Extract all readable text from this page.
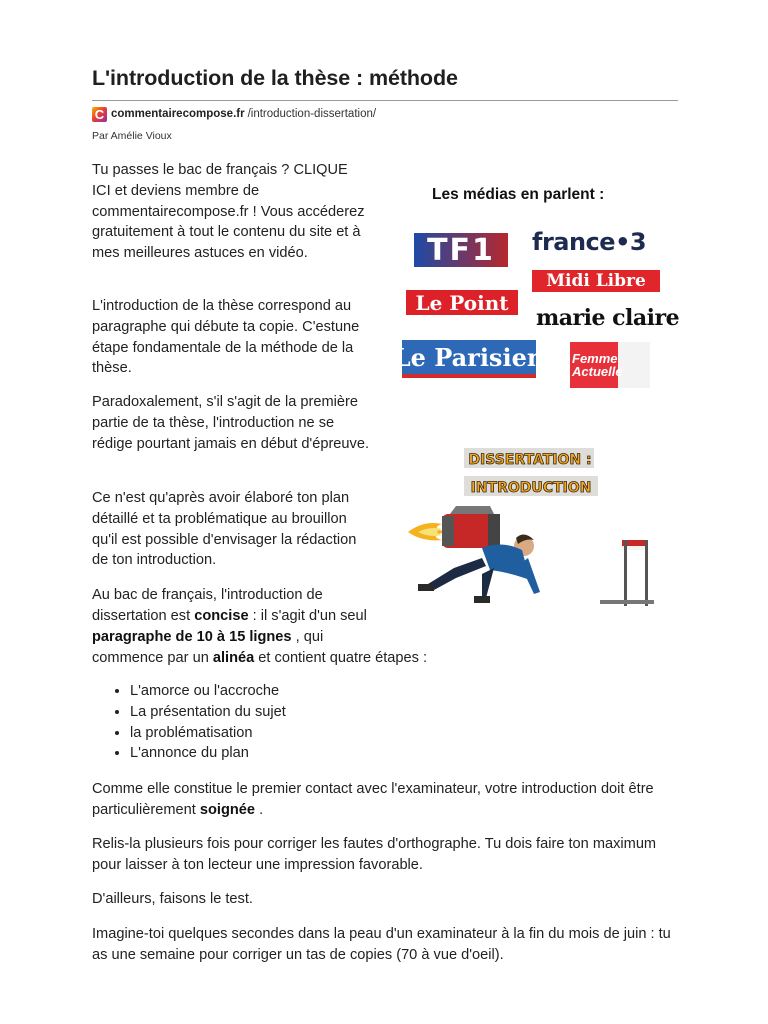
L'introduction de la thèse : méthode
C commentairecompose.fr /introduction-dissertation/
Par Amélie Vioux

Tu passes le bac de français ? CLIQUE ICI et deviens membre de commentairecompose.fr ! Vous accéderez gratuitement à tout le contenu du site et à mes meilleures astuces en vidéo.

L'introduction de la thèse correspond au paragraphe qui débute ta copie. C'estune étape fondamentale de la méthode de la thèse.

Paradoxalement, s'il s'agit de la première partie de ta thèse, l'introduction ne se rédige pourtant jamais en début d'épreuve.

Ce n'est qu'après avoir élaboré ton plan détaillé et ta problématique au brouillon qu'il est possible d'envisager la rédaction de ton introduction.

Au bac de français, l'introduction de dissertation est concise : il s'agit d'un seul paragraphe de 10 à 15 lignes , qui

commence par un alinéa et contient quatre étapes :

• L'amorce ou l'accroche
• La présentation du sujet
• la problématisation
• L'annonce du plan

Comme elle constitue le premier contact avec l'examinateur, votre introduction doit être particulièrement soignée .

Relis-la plusieurs fois pour corriger les fautes d'orthographe. Tu dois faire ton maximum pour laisser à ton lecteur une impression favorable.

D'ailleurs, faisons le test.

Imagine-toi quelques secondes dans la peau d'un examinateur à la fin du mois de juin : tu as une semaine pour corriger un tas de copies (70 à vue d'oeil).

Les médias en parlent :
TF1	france•3
Midi Libre
Le Point
marie claire
Le Parisien Femme
Actuelle
DISSERTATION :
INTRODUCTION
